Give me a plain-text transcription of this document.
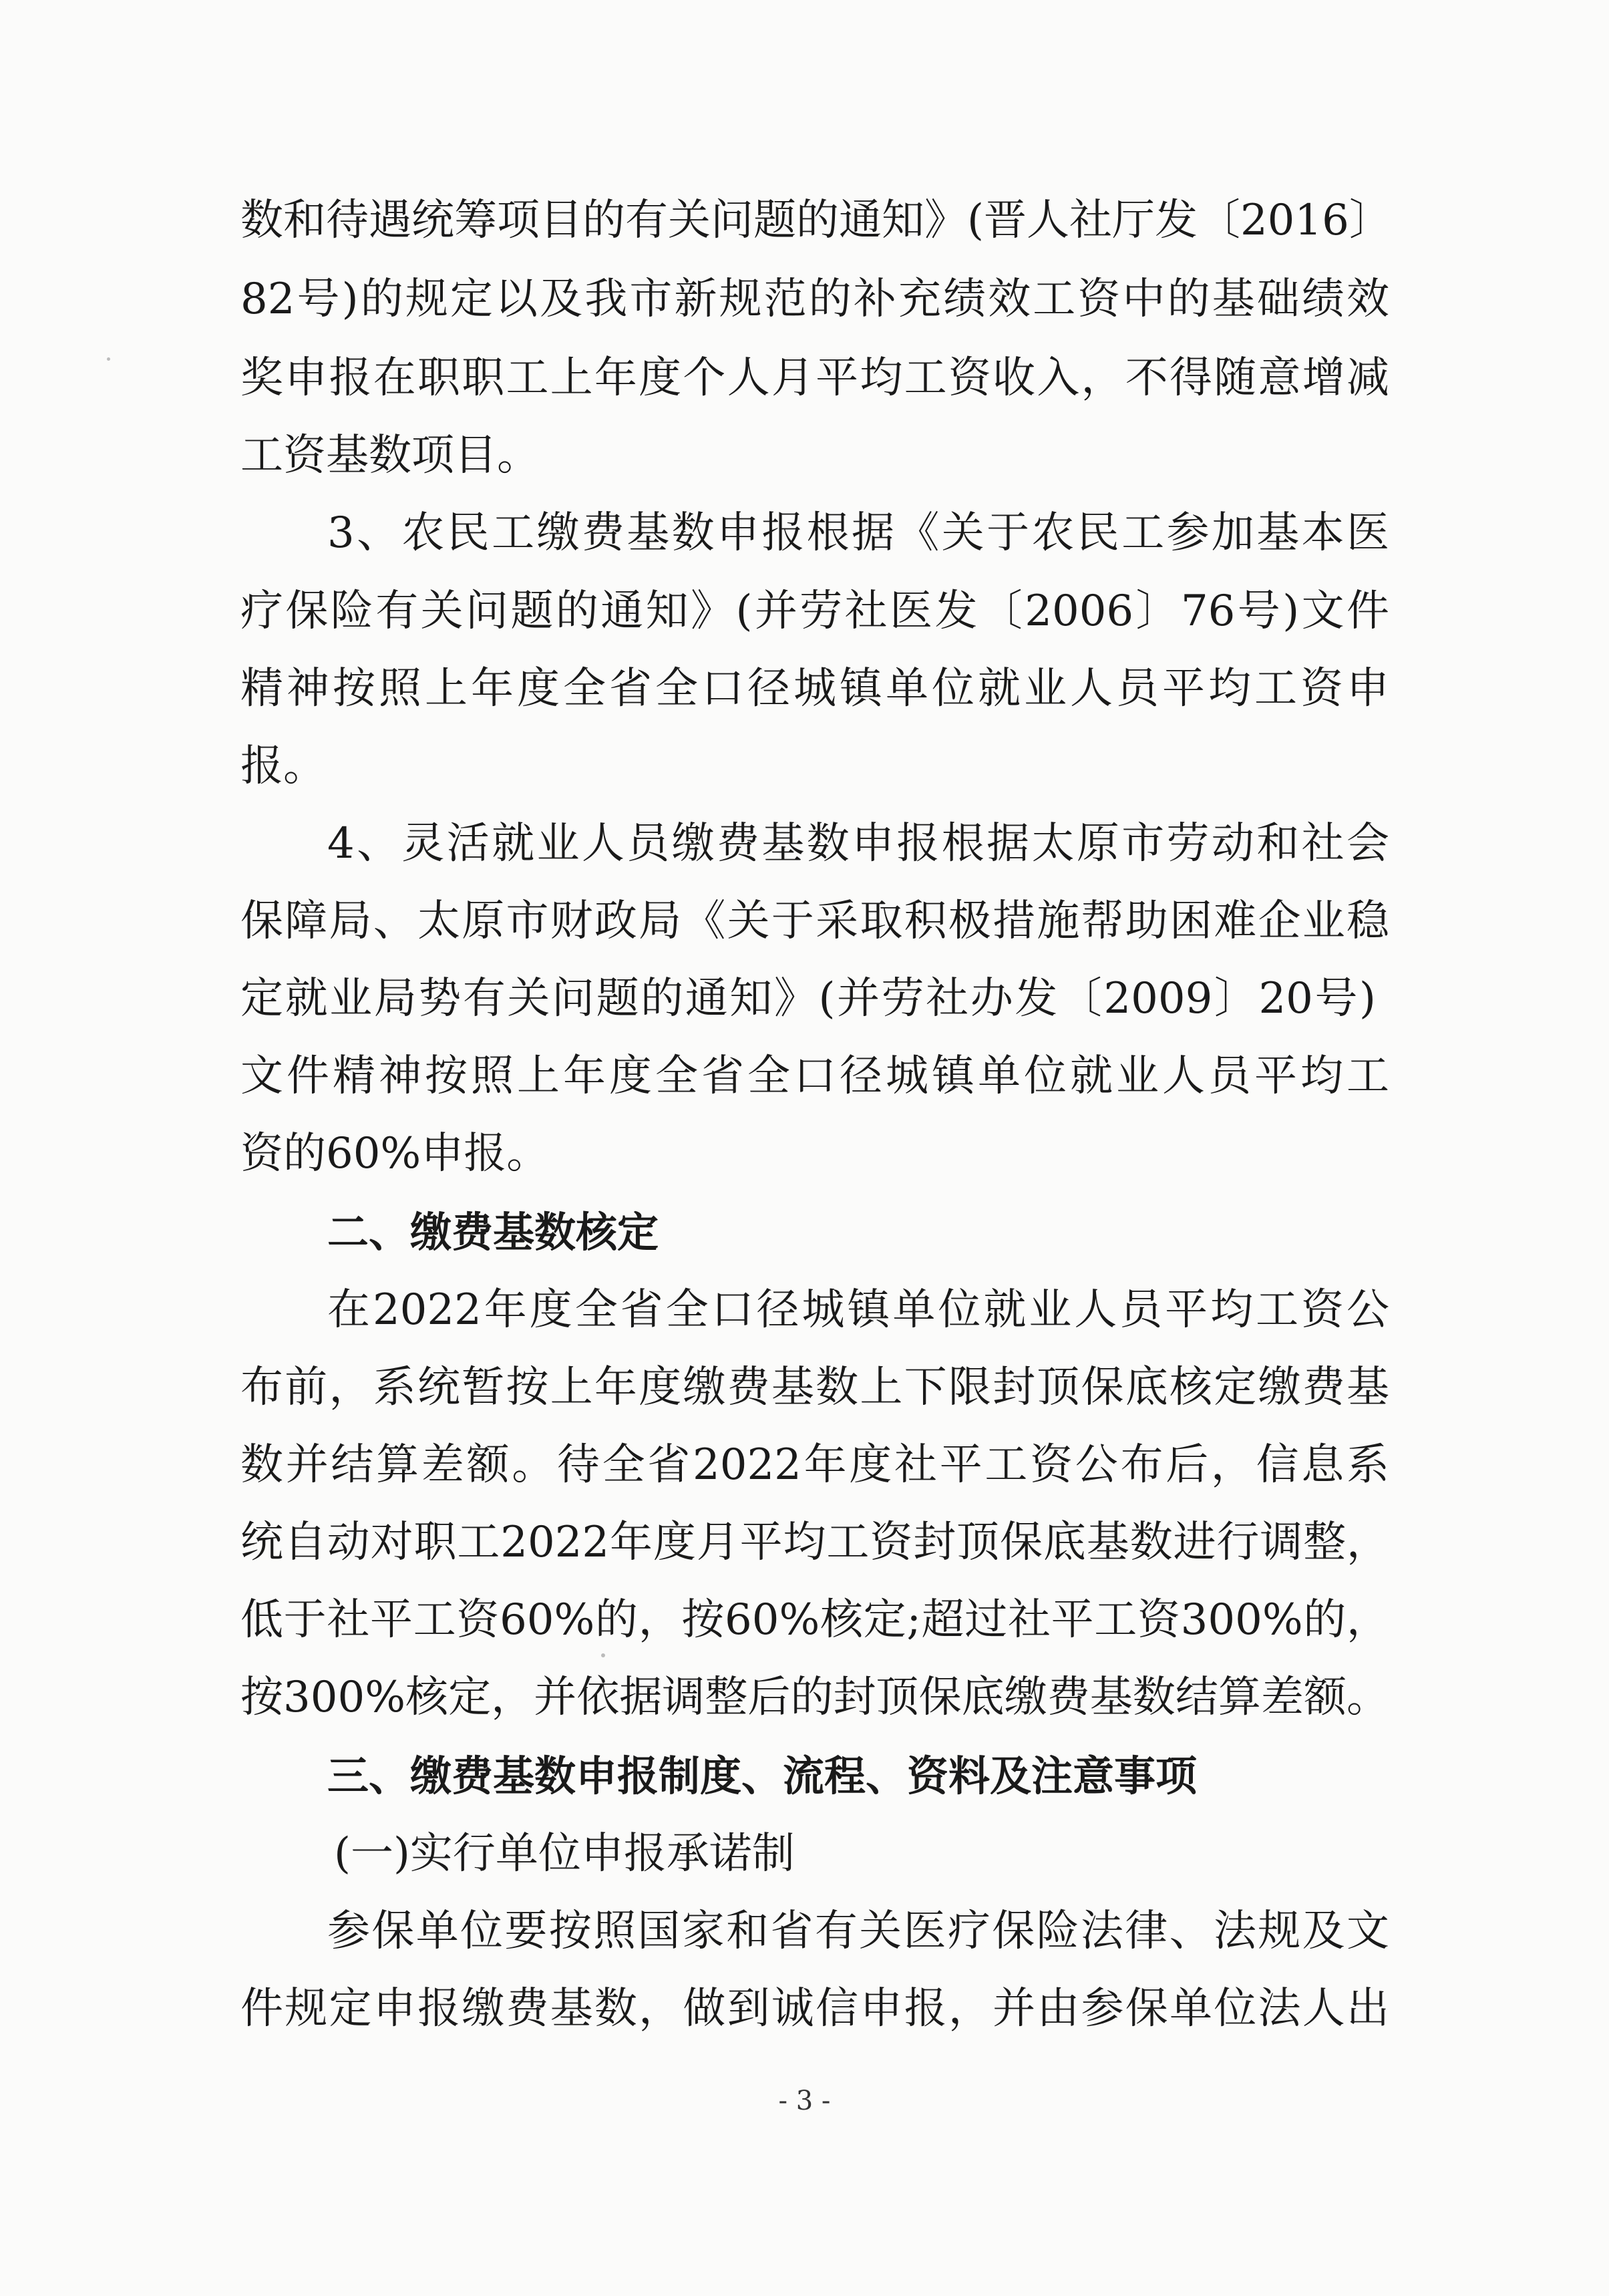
数和待遇统筹项目的有关问题的通知》(晋人社厅发〔2016〕
82号)的规定以及我市新规范的补充绩效工资中的基础绩效
奖申报在职职工上年度个人月平均工资收入，不得随意增减
工资基数项目。
3、农民工缴费基数申报根据《关于农民工参加基本医
疗保险有关问题的通知》(并劳社医发〔2006〕76号)文件
精神按照上年度全省全口径城镇单位就业人员平均工资申
报。
4、灵活就业人员缴费基数申报根据太原市劳动和社会
保障局、太原市财政局《关于采取积极措施帮助困难企业稳
定就业局势有关问题的通知》(并劳社办发〔2009〕20号)
文件精神按照上年度全省全口径城镇单位就业人员平均工
资的60%申报。
二、缴费基数核定
在2022年度全省全口径城镇单位就业人员平均工资公
布前，系统暂按上年度缴费基数上下限封顶保底核定缴费基
数并结算差额。待全省2022年度社平工资公布后，信息系
统自动对职工2022年度月平均工资封顶保底基数进行调整，
低于社平工资60%的，按60%核定;超过社平工资300%的，
按300%核定，并依据调整后的封顶保底缴费基数结算差额。
三、缴费基数申报制度、流程、资料及注意事项
(一)实行单位申报承诺制
参保单位要按照国家和省有关医疗保险法律、法规及文
件规定申报缴费基数，做到诚信申报，并由参保单位法人出
- 3 -
